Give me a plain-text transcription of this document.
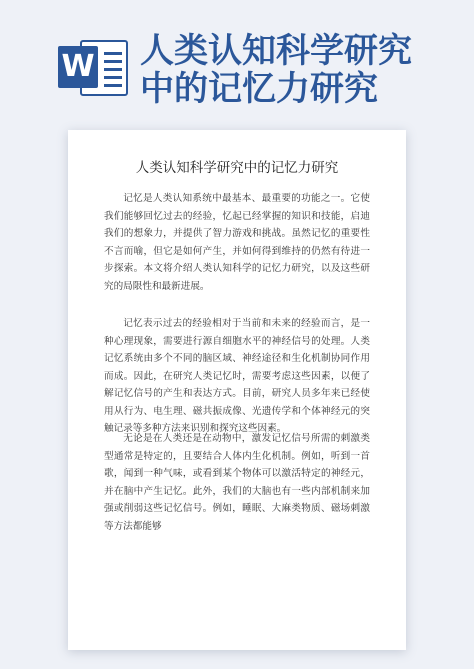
W 人类认知科学研究
中的记忆力研究
人类认知科学研究中的记忆力研究
记忆是人类认知系统中最基本、最重要的功能之一。它使我们能够回忆过去的经验，忆起已经掌握的知识和技能，启迪我们的想象力，并提供了智力游戏和挑战。虽然记忆的重要性不言而喻，但它是如何产生，并如何得到维持的仍然有待进一步探索。本文将介绍人类认知科学的记忆力研究，以及这些研究的局限性和最新进展。
记忆表示过去的经验相对于当前和未来的经验而言，是一种心理现象，需要进行源自细胞水平的神经信号的处理。人类记忆系统由多个不同的脑区域、神经途径和生化机制协同作用而成。因此，在研究人类记忆时，需要考虑这些因素，以便了解记忆信号的产生和表达方式。目前，研究人员多年来已经使用从行为、电生理、磁共振成像、光遗传学和个体神经元的突触记录等多种方法来识别和探究这些因素。
无论是在人类还是在动物中，激发记忆信号所需的刺激类型通常是特定的，且要结合人体内生化机制。例如，听到一首歌，闻到一种气味，或看到某个物体可以激活特定的神经元，并在脑中产生记忆。此外，我们的大脑也有一些内部机制来加强或削弱这些记忆信号。例如，睡眠、大麻类物质、磁场刺激等方法都能够
